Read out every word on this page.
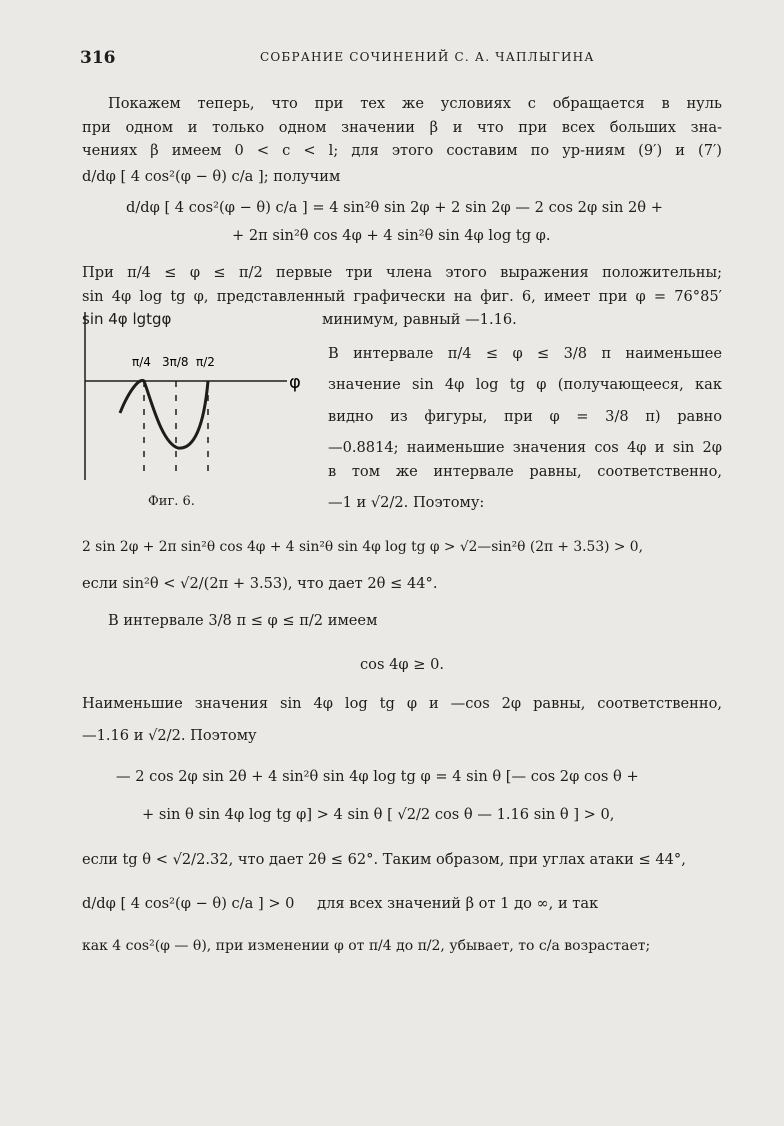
316	СОБРАНИЕ СОЧИНЕНИЙ С. А. ЧАПЛЫГИНА
Покажем теперь, что при тех же условиях c обращается в нуль
при одном и только одном значении β и что при всех больших зна-
чениях β имеем 0 < c < l; для этого составим по ур-ниям (9′) и (7′)
d/dφ [ 4 cos²(φ − θ) c/a ]; получим
d/dφ [ 4 cos²(φ − θ) c/a ] = 4 sin²θ sin 2φ + 2 sin 2φ — 2 cos 2φ sin 2θ +
+ 2π sin²θ cos 4φ + 4 sin²θ sin 4φ log tg φ.
При π/4 ≤ φ ≤ π/2 первые три члена этого выражения положительны;
sin 4φ log tg φ, представленный графически на фиг. 6, имеет при φ = 76°85′
π/4 3π/8 π/2
φ
sin 4φ lgtgφ
Фиг. 6.
минимум, равный —1.16.
В интервале π/4 ≤ φ ≤ 3/8 π наименьшее
значение sin 4φ log tg φ (получающееся, как
видно из фигуры, при φ = 3/8 π) равно
—0.8814; наименьшие значения cos 4φ и sin 2φ
в том же интервале равны, соответственно,
—1 и √2/2. Поэтому:
2 sin 2φ + 2π sin²θ cos 4φ + 4 sin²θ sin 4φ log tg φ > √2—sin²θ (2π + 3.53) > 0,
если sin²θ < √2/(2π + 3.53), что дает 2θ ≤ 44°.
В интервале 3/8 π ≤ φ ≤ π/2 имеем
cos 4φ ≥ 0.
Наименьшие значения sin 4φ log tg φ и —cos 2φ равны, соответственно,
—1.16 и √2/2. Поэтому
— 2 cos 2φ sin 2θ + 4 sin²θ sin 4φ log tg φ = 4 sin θ [— cos 2φ cos θ +
+ sin θ sin 4φ log tg φ] > 4 sin θ [ √2/2 cos θ — 1.16 sin θ ] > 0,
если tg θ < √2/2.32, что дает 2θ ≤ 62°. Таким образом, при углах атаки ≤ 44°,
d/dφ [ 4 cos²(φ − θ) c/a ] > 0 для всех значений β от 1 до ∞, и так
как 4 cos²(φ — θ), при изменении φ от π/4 до π/2, убывает, то c/a возрастает;
